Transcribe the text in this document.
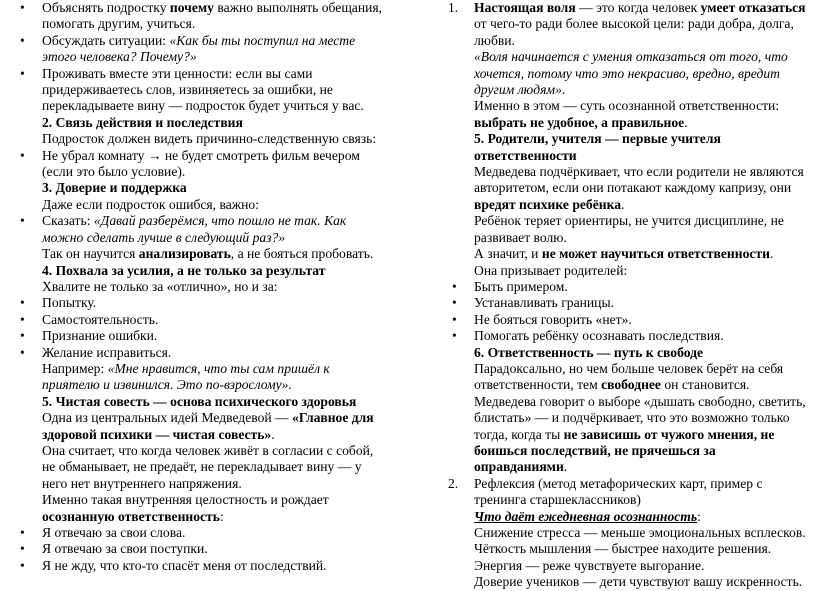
• Объяснять подростку почему важно выполнять обещания, помогать другим, учиться.
• Обсуждать ситуации: «Как бы ты поступил на месте этого человека? Почему?»
• Проживать вместе эти ценности: если вы сами придерживаетесь слов, извиняетесь за ошибки, не перекладываете вину — подросток будет учиться у вас.
2. Связь действия и последствия
Подросток должен видеть причинно-следственную связь:
• Не убрал комнату → не будет смотреть фильм вечером (если это было условие).
3. Доверие и поддержка
Даже если подросток ошибся, важно:
• Сказать: «Давай разберёмся, что пошло не так. Как можно сделать лучше в следующий раз?»
Так он научится анализировать, а не бояться пробовать.
4. Похвала за усилия, а не только за результат
Хвалите не только за «отлично», но и за:
• Попытку.
• Самостоятельность.
• Признание ошибки.
• Желание исправиться.
Например: «Мне нравится, что ты сам пришёл к приятелю и извинился. Это по-взрослому».
5. Чистая совесть — основа психического здоровья
Одна из центральных идей Медведевой — «Главное для здоровой психики — чистая совесть».
Она считает, что когда человек живёт в согласии с собой, не обманывает, не предаёт, не перекладывает вину — у него нет внутреннего напряжения.
Именно такая внутренняя целостность и рождает осознанную ответственность:
• Я отвечаю за свои слова.
• Я отвечаю за свои поступки.
• Я не жду, что кто-то спасёт меня от последствий.
1. Настоящая воля — это когда человек умеет отказаться от чего-то ради более высокой цели: ради добра, долга, любви.
«Воля начинается с умения отказаться от того, что хочется, потому что это некрасиво, вредно, вредит другим людям».
Именно в этом — суть осознанной ответственности: выбрать не удобное, а правильное.
5. Родители, учителя — первые учителя ответственности
Медведева подчёркивает, что если родители не являются авторитетом, если они потакают каждому капризу, они вредят психике ребёнка.
Ребёнок теряет ориентиры, не учится дисциплине, не развивает волю.
А значит, и не может научиться ответственности.
Она призывает родителей:
• Быть примером.
• Устанавливать границы.
• Не бояться говорить «нет».
• Помогать ребёнку осознавать последствия.
6. Ответственность — путь к свободе
Парадоксально, но чем больше человек берёт на себя ответственности, тем свободнее он становится.
Медведева говорит о выборе «дышать свободно, светить, блистать» — и подчёркивает, что это возможно только тогда, когда ты не зависишь от чужого мнения, не боишься последствий, не прячешься за оправданиями.
2. Рефлексия (метод метафорических карт, пример с тренинга старшеклассников)
Что даёт ежедневная осознанность:
Снижение стресса — меньше эмоциональных всплесков.
Чёткость мышления — быстрее находите решения.
Энергия — реже чувствуете выгорание.
Доверие учеников — дети чувствуют вашу искренность.
